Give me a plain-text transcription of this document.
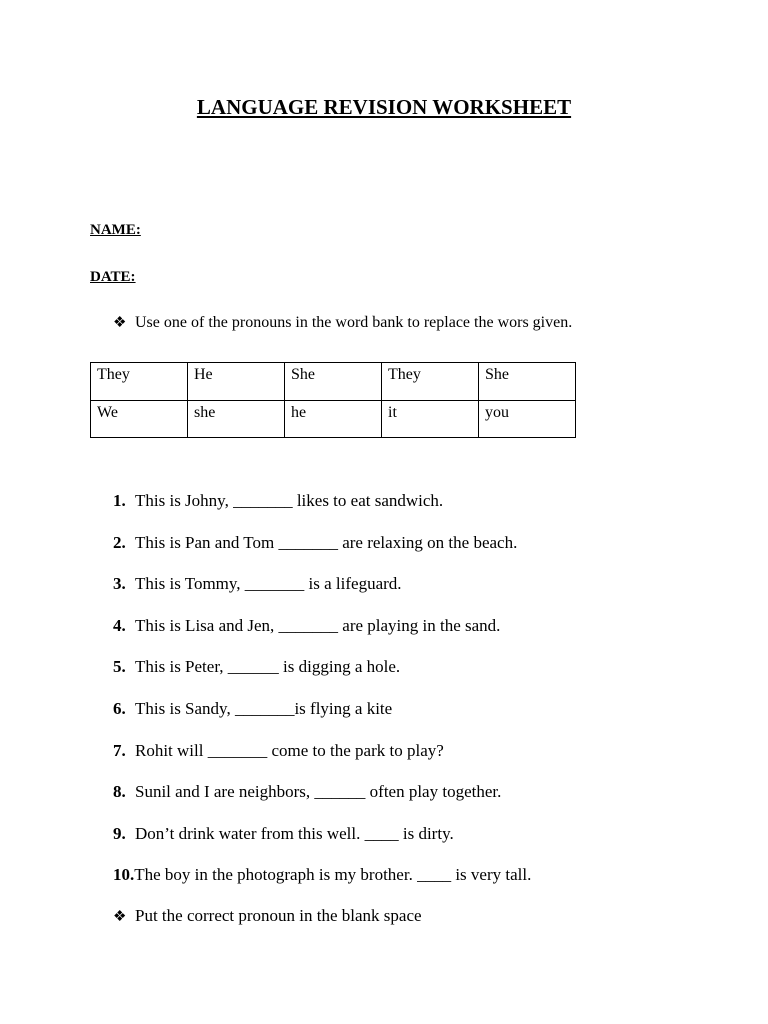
LANGUAGE REVISION WORKSHEET
NAME:
DATE:
❖ Use one of the pronouns in the word bank to replace the wors given.
They	He	She	They	She
We	she	he	it	you
1. This is Johny, _______ likes to eat sandwich.
2. This is Pan and Tom _______ are relaxing on the beach.
3. This is Tommy, _______ is a lifeguard.
4. This is Lisa and Jen, _______ are playing in the sand.
5. This is Peter, ______ is digging a hole.
6. This is Sandy, _______is flying a kite
7. Rohit will _______ come to the park to play?
8. Sunil and I are neighbors, ______ often play together.
9. Don’t drink water from this well. ____ is dirty.
10.The boy in the photograph is my brother. ____ is very tall.
❖ Put the correct pronoun in the blank space
